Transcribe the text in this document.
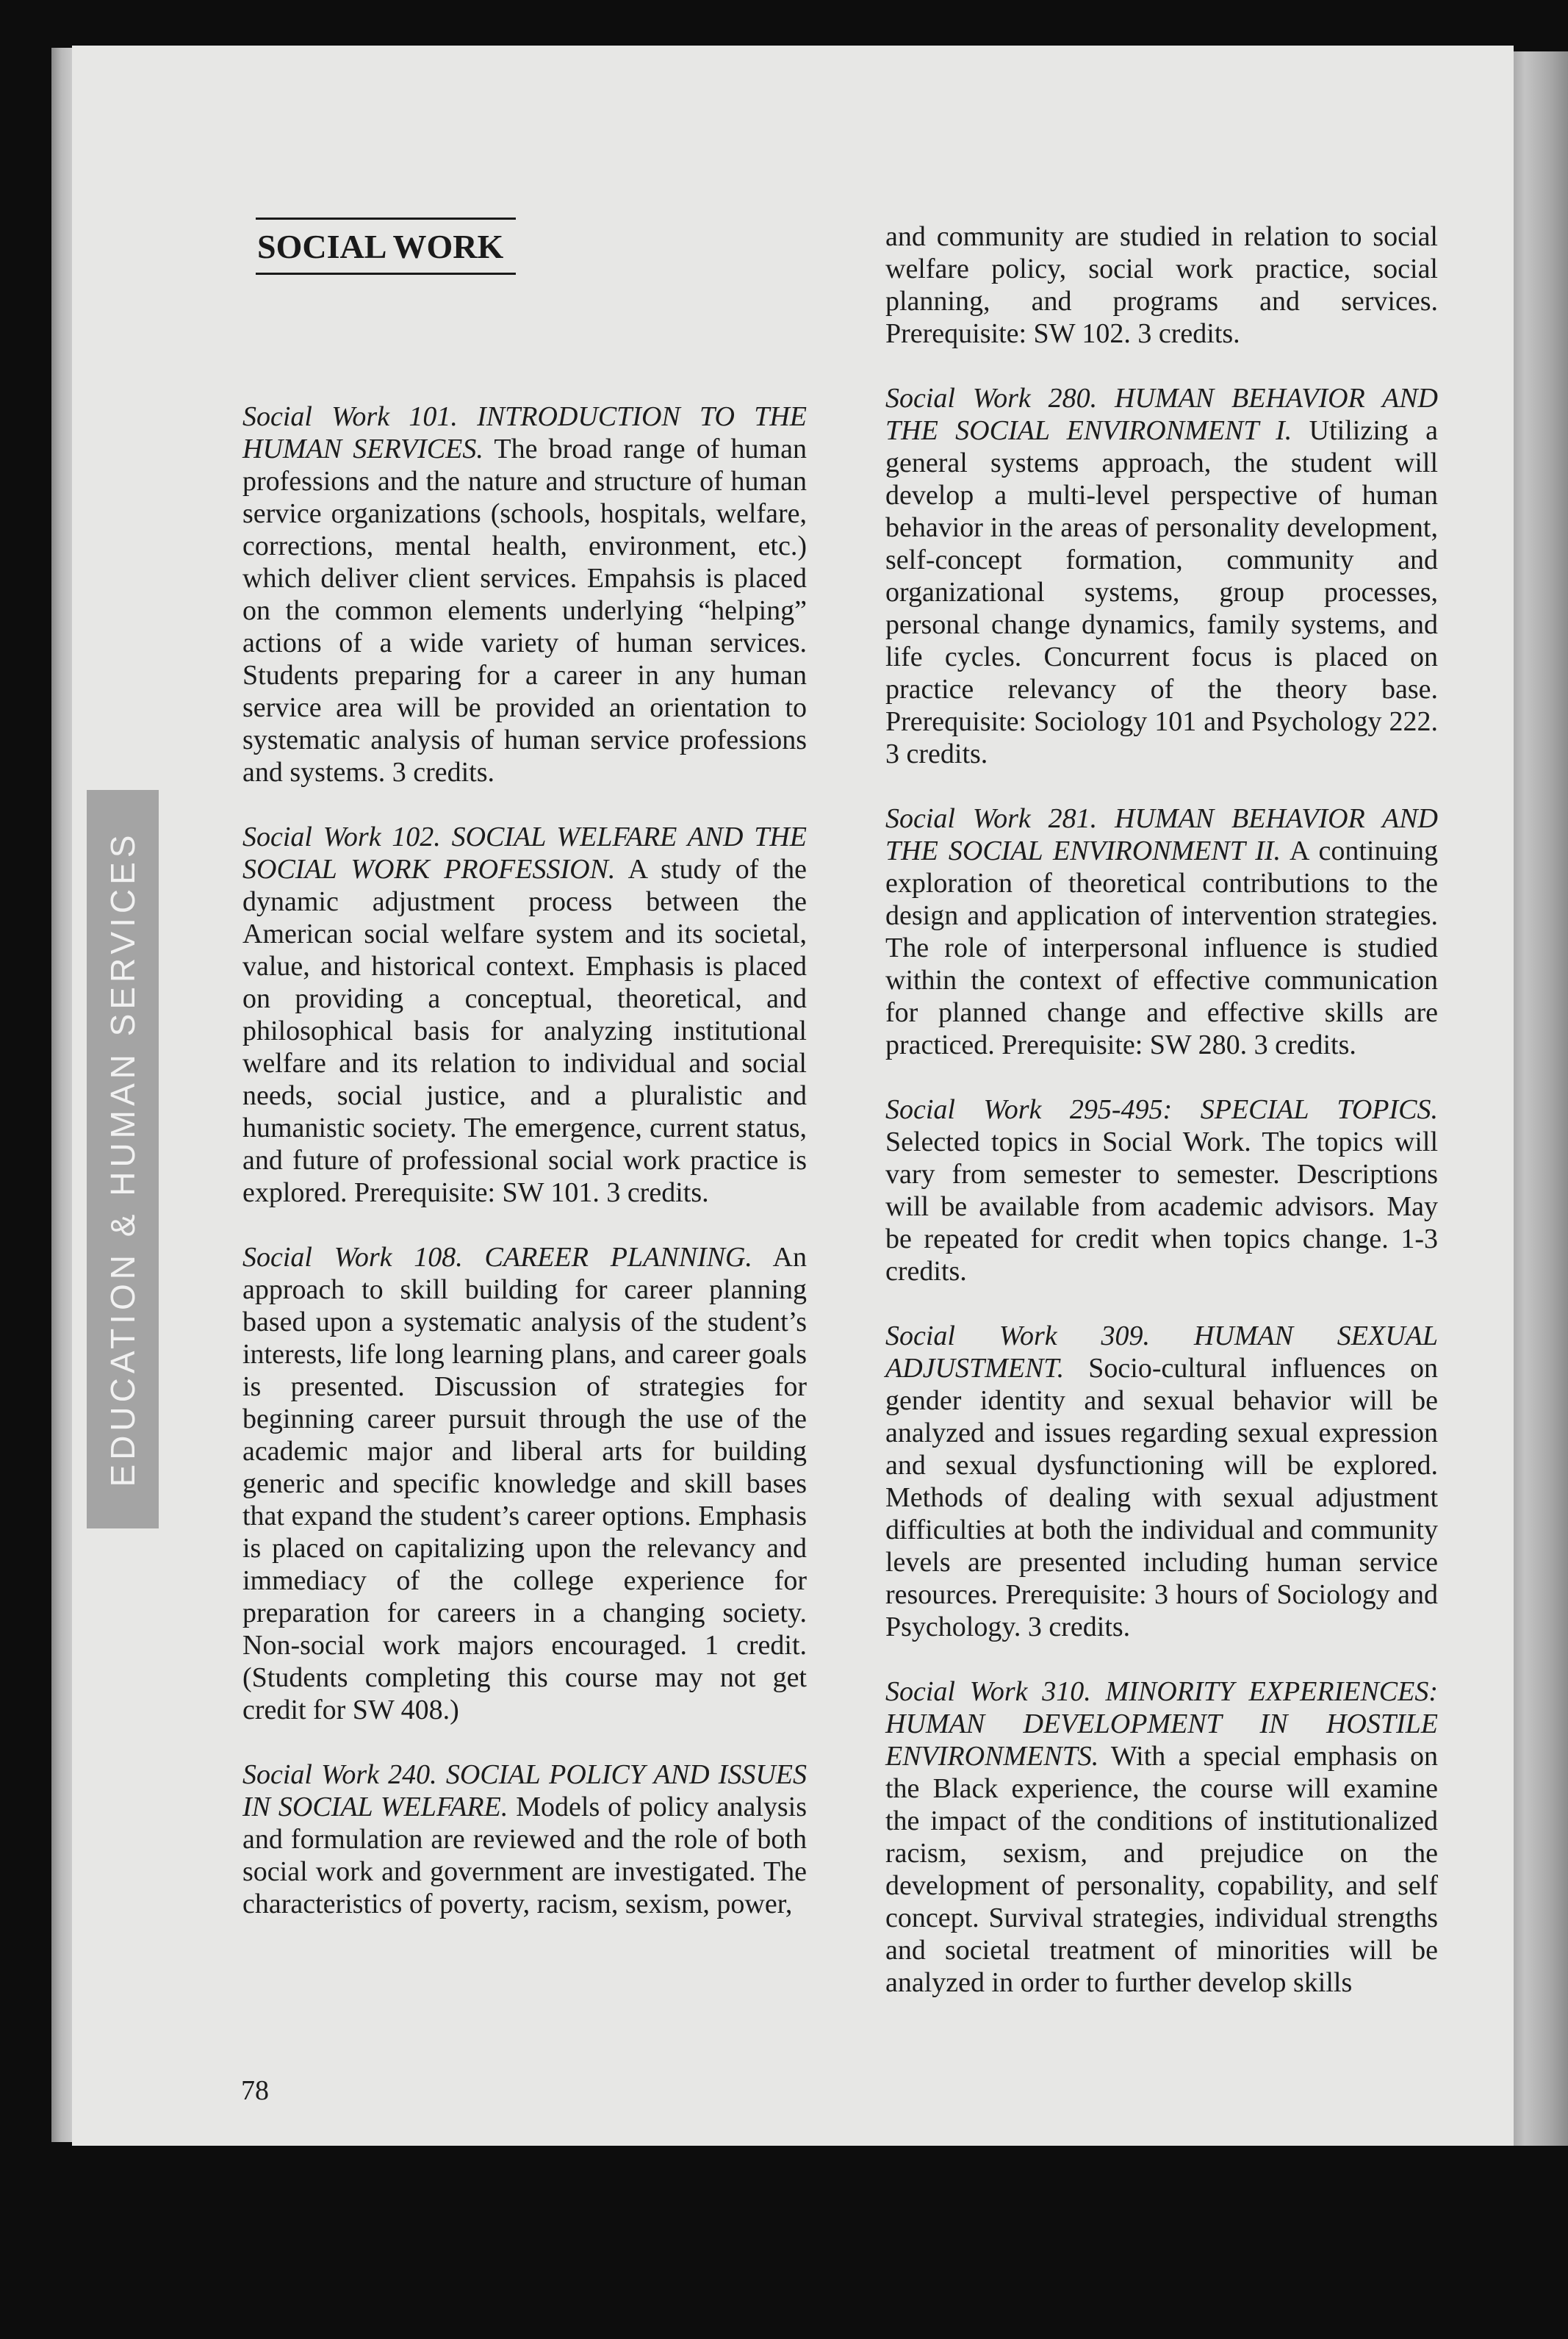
EDUCATION & HUMAN SERVICES
SOCIAL WORK

Social Work 101. INTRODUCTION TO THE HUMAN SERVICES. The broad range of human professions and the nature and structure of human service organizations (schools, hospitals, welfare, corrections, mental health, environment, etc.) which deliver client services. Empahsis is placed on the common elements underlying “helping” actions of a wide variety of human services. Students preparing for a career in any human service area will be provided an orientation to systematic analysis of human service professions and systems. 3 credits.

Social Work 102. SOCIAL WELFARE AND THE SOCIAL WORK PROFESSION. A study of the dynamic adjustment process between the American social welfare system and its societal, value, and historical context. Emphasis is placed on providing a conceptual, theoretical, and philosophical basis for analyzing institutional welfare and its relation to individual and social needs, social justice, and a pluralistic and humanistic society. The emergence, current status, and future of professional social work practice is explored. Prerequisite: SW 101. 3 credits.

Social Work 108. CAREER PLANNING. An approach to skill building for career planning based upon a systematic analysis of the student’s interests, life long learning plans, and career goals is presented. Discussion of strategies for beginning career pursuit through the use of the academic major and liberal arts for building generic and specific knowledge and skill bases that expand the student’s career options. Emphasis is placed on capitalizing upon the relevancy and immediacy of the college experience for preparation for careers in a changing society. Non-social work majors encouraged. 1 credit. (Students completing this course may not get credit for SW 408.)

Social Work 240. SOCIAL POLICY AND ISSUES IN SOCIAL WELFARE. Models of policy analysis and formulation are reviewed and the role of both social work and government are investigated. The characteristics of poverty, racism, sexism, power,

and community are studied in relation to social welfare policy, social work practice, social planning, and programs and services. Prerequisite: SW 102. 3 credits.

Social Work 280. HUMAN BEHAVIOR AND THE SOCIAL ENVIRONMENT I. Utilizing a general systems approach, the student will develop a multi-level perspective of human behavior in the areas of personality development, self-concept formation, community and organizational systems, group processes, personal change dynamics, family systems, and life cycles. Concurrent focus is placed on practice relevancy of the theory base. Prerequisite: Sociology 101 and Psychology 222. 3 credits.

Social Work 281. HUMAN BEHAVIOR AND THE SOCIAL ENVIRONMENT II. A continuing exploration of theoretical contributions to the design and application of intervention strategies. The role of interpersonal influence is studied within the context of effective communication for planned change and effective skills are practiced. Prerequisite: SW 280. 3 credits.

Social Work 295-495: SPECIAL TOPICS. Selected topics in Social Work. The topics will vary from semester to semester. Descriptions will be available from academic advisors. May be repeated for credit when topics change. 1-3 credits.

Social Work 309. HUMAN SEXUAL ADJUSTMENT. Socio-cultural influences on gender identity and sexual behavior will be analyzed and issues regarding sexual expression and sexual dysfunctioning will be explored. Methods of dealing with sexual adjustment difficulties at both the individual and community levels are presented including human service resources. Prerequisite: 3 hours of Sociology and Psychology. 3 credits.

Social Work 310. MINORITY EXPERIENCES: HUMAN DEVELOPMENT IN HOSTILE ENVIRONMENTS. With a special emphasis on the Black experience, the course will examine the impact of the conditions of institutionalized racism, sexism, and prejudice on the development of personality, copability, and self concept. Survival strategies, individual strengths and societal treatment of minorities will be analyzed in order to further develop skills

78
